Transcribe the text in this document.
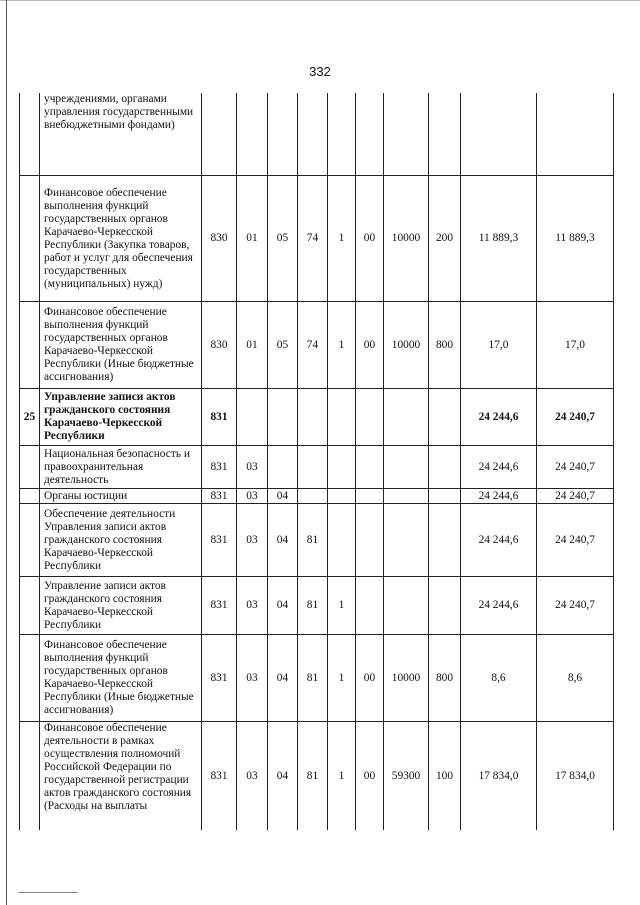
332
	учреждениями, органами управления государственными внебюджетными фондами)										
	Финансовое обеспечение выполнения функций государственных органов Карачаево-Черкесской Республики (Закупка товаров, работ и услуг для обеспечения государственных (муниципальных) нужд)	830	01	05	74	1	00	10000	200	11 889,3	11 889,3
	Финансовое обеспечение выполнения функций государственных органов Карачаево-Черкесской Республики (Иные бюджетные ассигнования)	830	01	05	74	1	00	10000	800	17,0	17,0
25	Управление записи актов гражданского состояния Карачаево-Черкесской Республики	831								24 244,6	24 240,7
	Национальная безопасность и правоохранительная деятельность	831	03							24 244,6	24 240,7
	Органы юстиции	831	03	04						24 244,6	24 240,7
	Обеспечение деятельности Управления записи актов гражданского состояния Карачаево-Черкесской Республики	831	03	04	81					24 244,6	24 240,7
	Управление записи актов гражданского состояния Карачаево-Черкесской Республики	831	03	04	81	1				24 244,6	24 240,7
	Финансовое обеспечение выполнения функций государственных органов Карачаево-Черкесской Республики (Иные бюджетные ассигнования)	831	03	04	81	1	00	10000	800	8,6	8,6
	Финансовое обеспечение деятельности в рамках осуществления полномочий Российской Федерации по государственной регистрации актов гражданского состояния (Расходы на выплаты	831	03	04	81	1	00	59300	100	17 834,0	17 834,0
